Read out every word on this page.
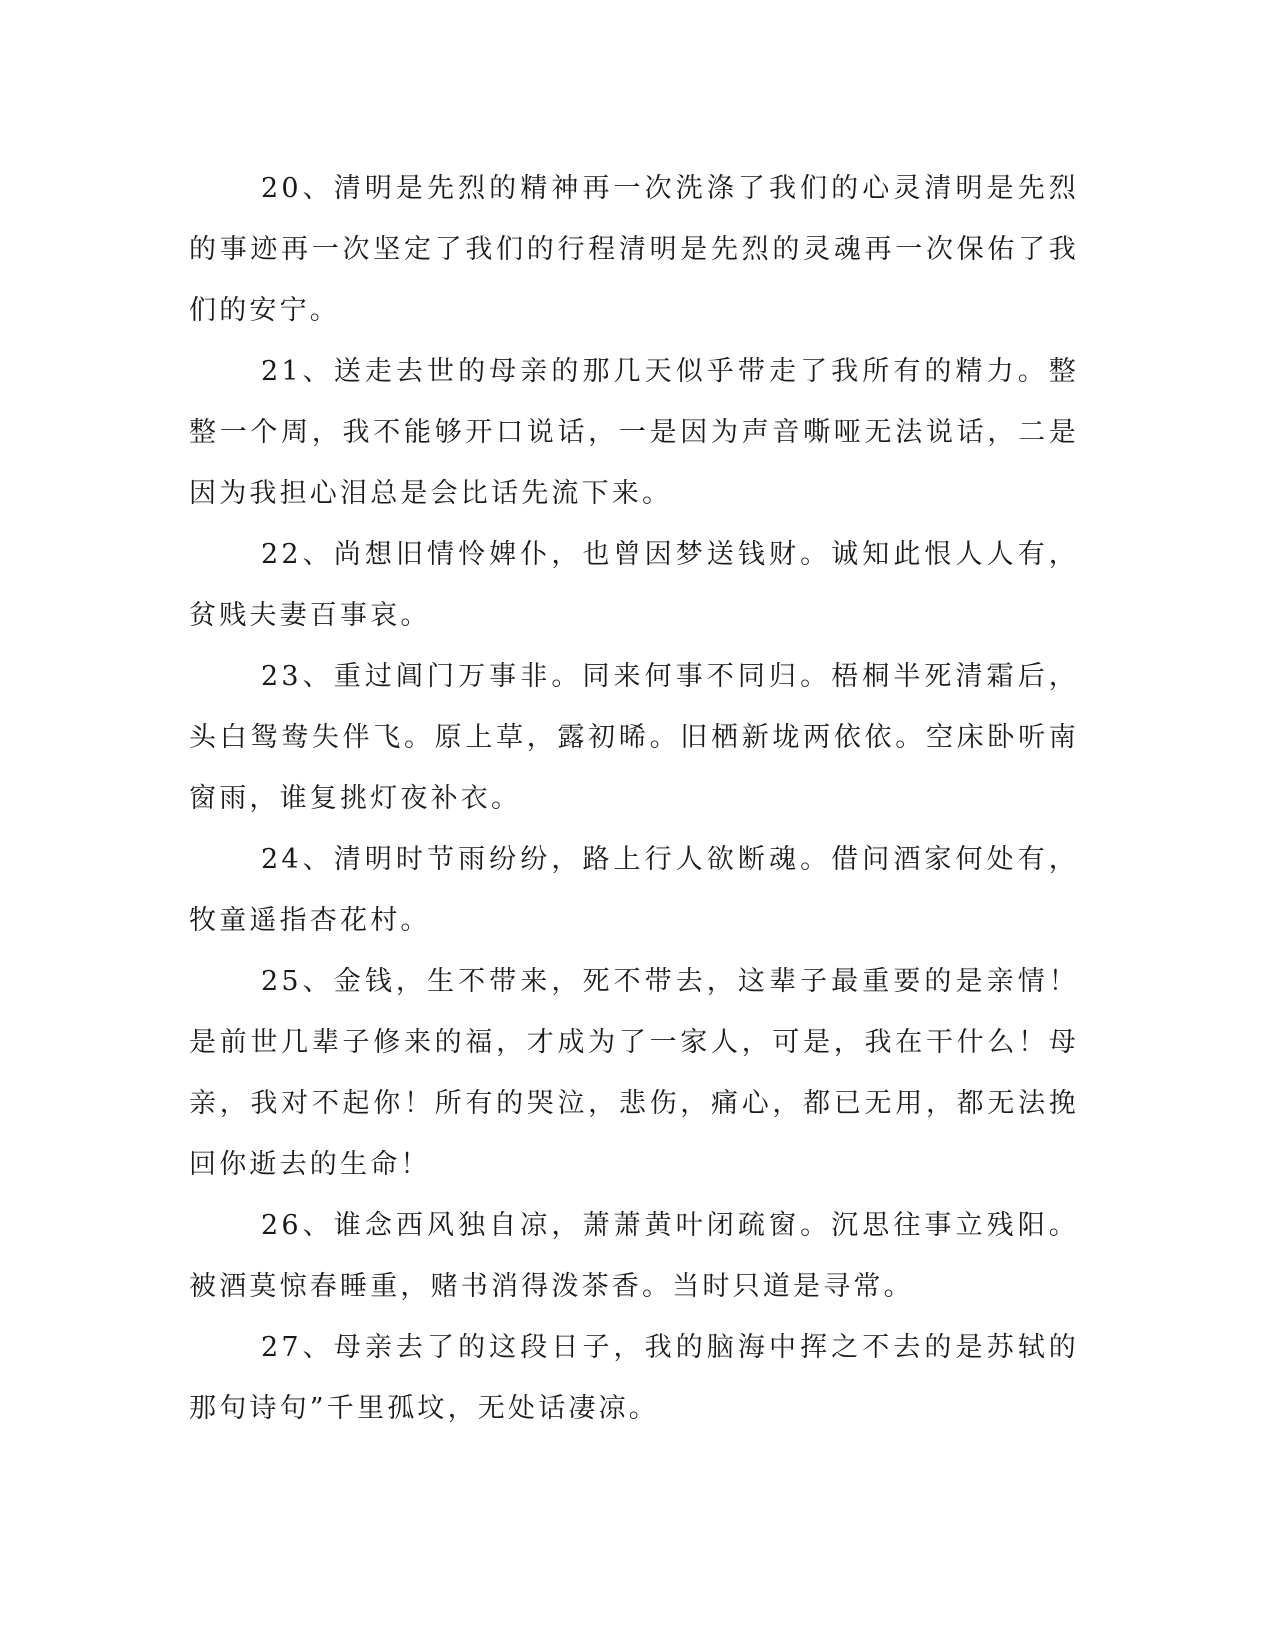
20、清明是先烈的精神再一次洗涤了我们的心灵清明是先烈的事迹再一次坚定了我们的行程清明是先烈的灵魂再一次保佑了我们的安宁。

21、送走去世的母亲的那几天似乎带走了我所有的精力。整整一个周，我不能够开口说话，一是因为声音嘶哑无法说话，二是因为我担心泪总是会比话先流下来。

22、尚想旧情怜婢仆，也曾因梦送钱财。诚知此恨人人有，贫贱夫妻百事哀。

23、重过阊门万事非。同来何事不同归。梧桐半死清霜后，头白鸳鸯失伴飞。原上草，露初晞。旧栖新垅两依依。空床卧听南窗雨，谁复挑灯夜补衣。

24、清明时节雨纷纷，路上行人欲断魂。借问酒家何处有，牧童遥指杏花村。

25、金钱，生不带来，死不带去，这辈子最重要的是亲情！是前世几辈子修来的福，才成为了一家人，可是，我在干什么！母亲，我对不起你！所有的哭泣，悲伤，痛心，都已无用，都无法挽回你逝去的生命！

26、谁念西风独自凉，萧萧黄叶闭疏窗。沉思往事立残阳。被酒莫惊春睡重，赌书消得泼茶香。当时只道是寻常。

27、母亲去了的这段日子，我的脑海中挥之不去的是苏轼的那句诗句”千里孤坟，无处话凄凉。
